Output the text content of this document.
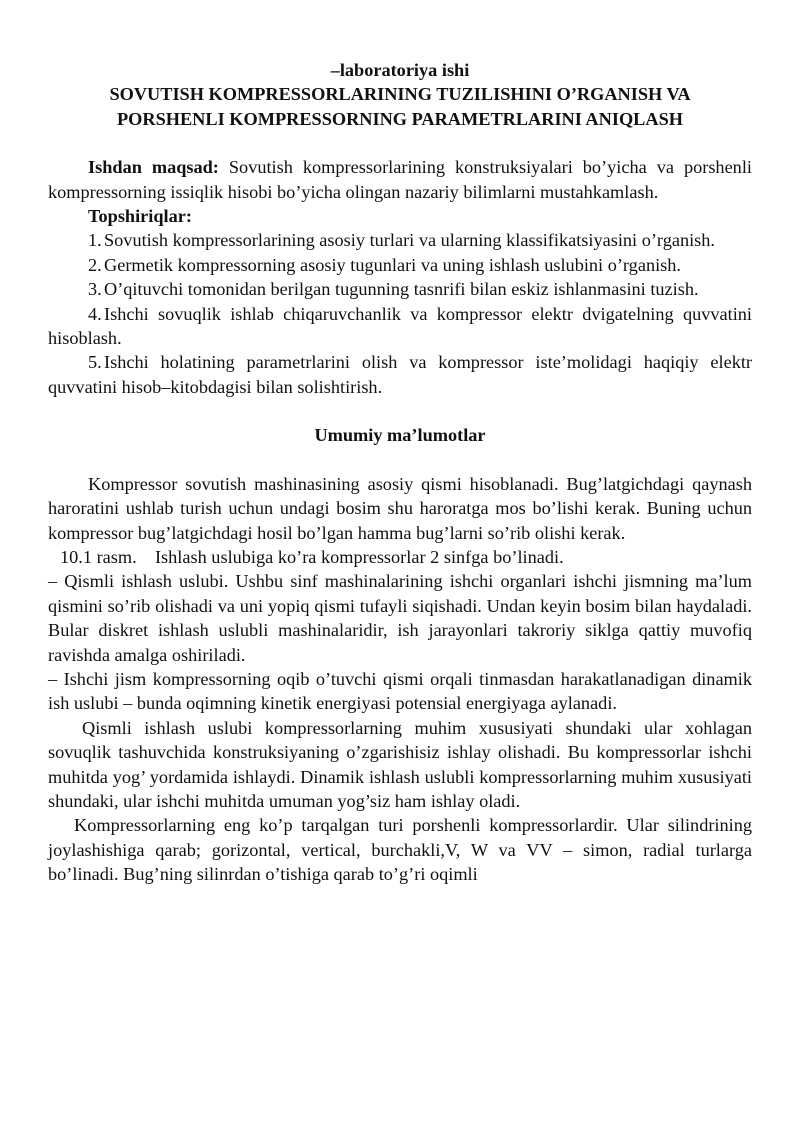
–laboratoriya ishi

SOVUTISH KOMPRESSORLARINING TUZILISHINI O’RGANISH VA

PORSHENLI KOMPRESSORNING PARAMETRLARINI ANIQLASH

Ishdan maqsad: Sovutish kompressorlarining konstruksiyalari bo’yicha va porshenli kompressorning issiqlik hisobi bo’yicha olingan nazariy bilimlarni mustahkamlash.

Topshiriqlar:

1. Sovutish kompressorlarining asosiy turlari va ularning klassifikatsiyasini o’rganish.

2. Germetik kompressorning asosiy tugunlari va uning ishlash uslubini o’rganish.

3. O’qituvchi tomonidan berilgan tugunning tasnrifi bilan eskiz ishlanmasini tuzish.

4. Ishchi sovuqlik ishlab chiqaruvchanlik va kompressor elektr dvigatelning quvvatini hisoblash.

5. Ishchi holatining parametrlarini olish va kompressor iste’molidagi haqiqiy elektr quvvatini hisob–kitobdagisi bilan solishtirish.

Umumiy ma’lumotlar

Kompressor sovutish mashinasining asosiy qismi hisoblanadi. Bug’latgichdagi qaynash haroratini ushlab turish uchun undagi bosim shu haroratga mos bo’lishi kerak. Buning uchun kompressor bug’latgichdagi hosil bo’lgan hamma bug’larni so’rib olishi kerak.

10.1 rasm.    Ishlash uslubiga ko’ra kompressorlar 2 sinfga bo’linadi.

– Qismli ishlash uslubi. Ushbu sinf mashinalarining ishchi organlari ishchi jismning ma’lum qismini so’rib olishadi va uni yopiq qismi tufayli siqishadi. Undan keyin bosim bilan haydaladi. Bular diskret ishlash uslubli mashinalaridir, ish jarayonlari takroriy siklga qattiy muvofiq ravishda amalga oshiriladi.

– Ishchi jism kompressorning oqib o’tuvchi qismi orqali tinmasdan harakatlanadigan dinamik ish uslubi – bunda oqimning kinetik energiyasi potensial energiyaga aylanadi.

Qismli ishlash uslubi kompressorlarning muhim xususiyati shundaki ular xohlagan sovuqlik tashuvchida konstruksiyaning o’zgarishisiz ishlay olishadi. Bu kompressorlar ishchi muhitda yog’ yordamida ishlaydi. Dinamik ishlash uslubli kompressorlarning muhim xususiyati shundaki, ular ishchi muhitda umuman yog’siz ham ishlay oladi.

Kompressorlarning eng ko’p tarqalgan turi porshenli kompressorlardir. Ular silindrining joylashishiga qarab; gorizontal, vertical, burchakli,V, W va VV – simon, radial turlarga bo’linadi. Bug’ning silinrdan o’tishiga qarab to’g’ri oqimli
